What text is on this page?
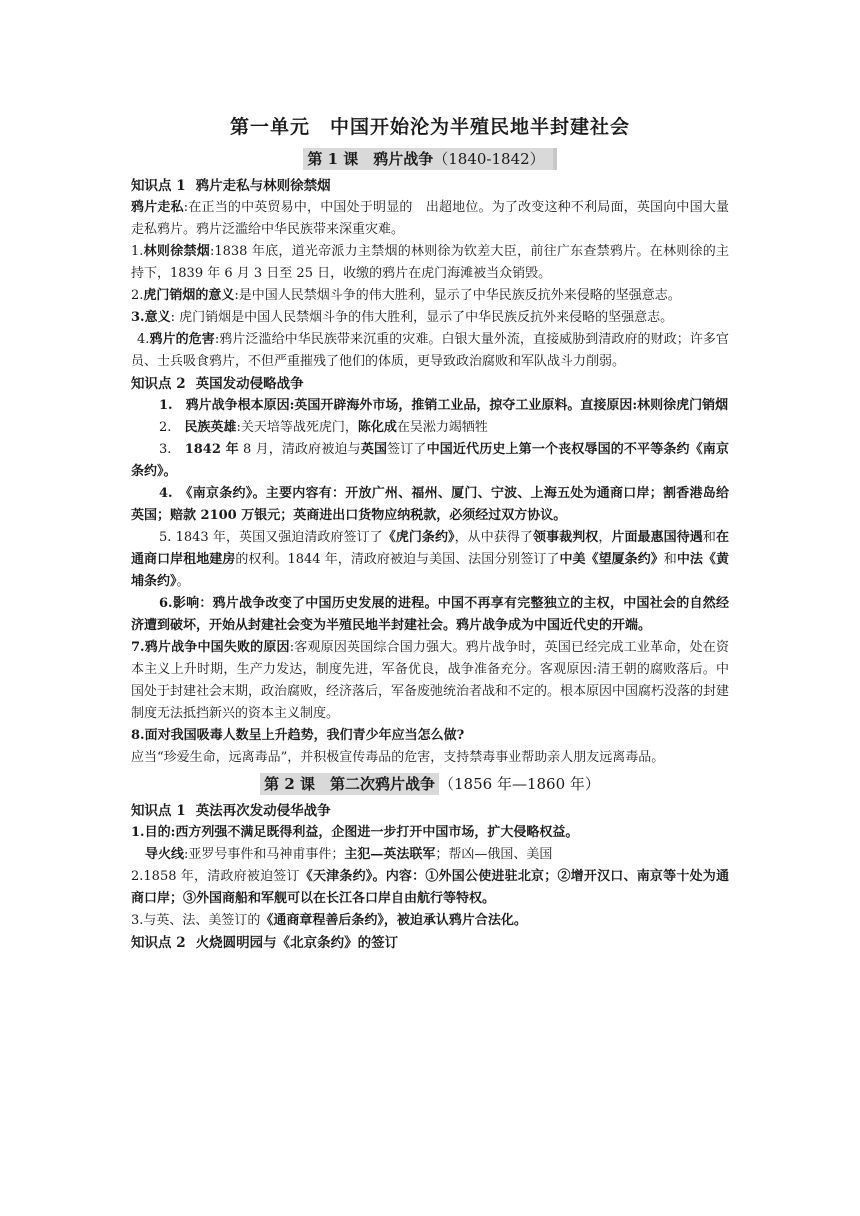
第一单元　中国开始沦为半殖民地半封建社会
第 1 课　鸦片战争（1840-1842）

知识点 1 鸦片走私与林则徐禁烟

鸦片走私:在正当的中英贸易中，中国处于明显的　出超地位。为了改变这种不利局面，英国向中国大量走私鸦片。鸦片泛滥给中华民族带来深重灾难。

1.林则徐禁烟:1838 年底，道光帝派力主禁烟的林则徐为钦差大臣，前往广东查禁鸦片。在林则徐的主持下，1839 年 6 月 3 日至 25 日，收缴的鸦片在虎门海滩被当众销毁。

2.虎门销烟的意义:是中国人民禁烟斗争的伟大胜利，显示了中华民族反抗外来侵略的坚强意志。

3.意义: 虎门销烟是中国人民禁烟斗争的伟大胜利，显示了中华民族反抗外来侵略的坚强意志。

4.鸦片的危害:鸦片泛滥给中华民族带来沉重的灾难。白银大量外流，直接威胁到清政府的财政；许多官员、士兵吸食鸦片，不但严重摧残了他们的体质，更导致政治腐败和军队战斗力削弱。

知识点 2 英国发动侵略战争

1.　鸦片战争根本原因:英国开辟海外市场，推销工业品，掠夺工业原料。直接原因:林则徐虎门销烟

2.　 民族英雄:关天培等战死虎门，陈化成在吴淞力竭牺牲

3.　 1842 年 8 月，清政府被迫与英国签订了中国近代历史上第一个丧权辱国的不平等条约《南京条约》。

4.　《南京条约》。主要内容有：开放广州、福州、厦门、宁波、上海五处为通商口岸；割香港岛给英国；赔款 2100 万银元；英商进出口货物应纳税款，必须经过双方协议。

5. 1843 年，英国又强迫清政府签订了《虎门条约》，从中获得了领事裁判权，片面最惠国待遇和在通商口岸租地建房的权利。1844 年，清政府被迫与美国、法国分别签订了中美《望厦条约》和中法《黄埔条约》。

6.影响：鸦片战争改变了中国历史发展的进程。中国不再享有完整独立的主权，中国社会的自然经济遭到破坏，开始从封建社会变为半殖民地半封建社会。鸦片战争成为中国近代史的开端。

7.鸦片战争中国失败的原因:客观原因英国综合国力强大。鸦片战争时，英国已经完成工业革命，处在资本主义上升时期，生产力发达，制度先进，军备优良，战争准备充分。客观原因:清王朝的腐败落后。中国处于封建社会末期，政治腐败，经济落后，军备废弛统治者战和不定的。根本原因中国腐朽没落的封建制度无法抵挡新兴的资本主义制度。

8.面对我国吸毒人数呈上升趋势，我们青少年应当怎么做?

应当“珍爱生命，远离毒品”，并积极宣传毒品的危害，支持禁毒事业帮助亲人朋友远离毒品。

第 2 课　第二次鸦片战争 （1856 年—1860 年）

知识点 1 英法再次发动侵华战争

1.目的:西方列强不满足既得利益，企图进一步打开中国市场，扩大侵略权益。

导火线:亚罗号事件和马神甫事件；主犯—英法联军；帮凶—俄国、美国

2.1858 年，清政府被迫签订《天津条约》。内容：①外国公使进驻北京；②增开汉口、南京等十处为通商口岸；③外国商船和军舰可以在长江各口岸自由航行等特权。

3.与英、法、美签订的《通商章程善后条约》，被迫承认鸦片合法化。

知识点 2 火烧圆明园与《北京条约》的签订
